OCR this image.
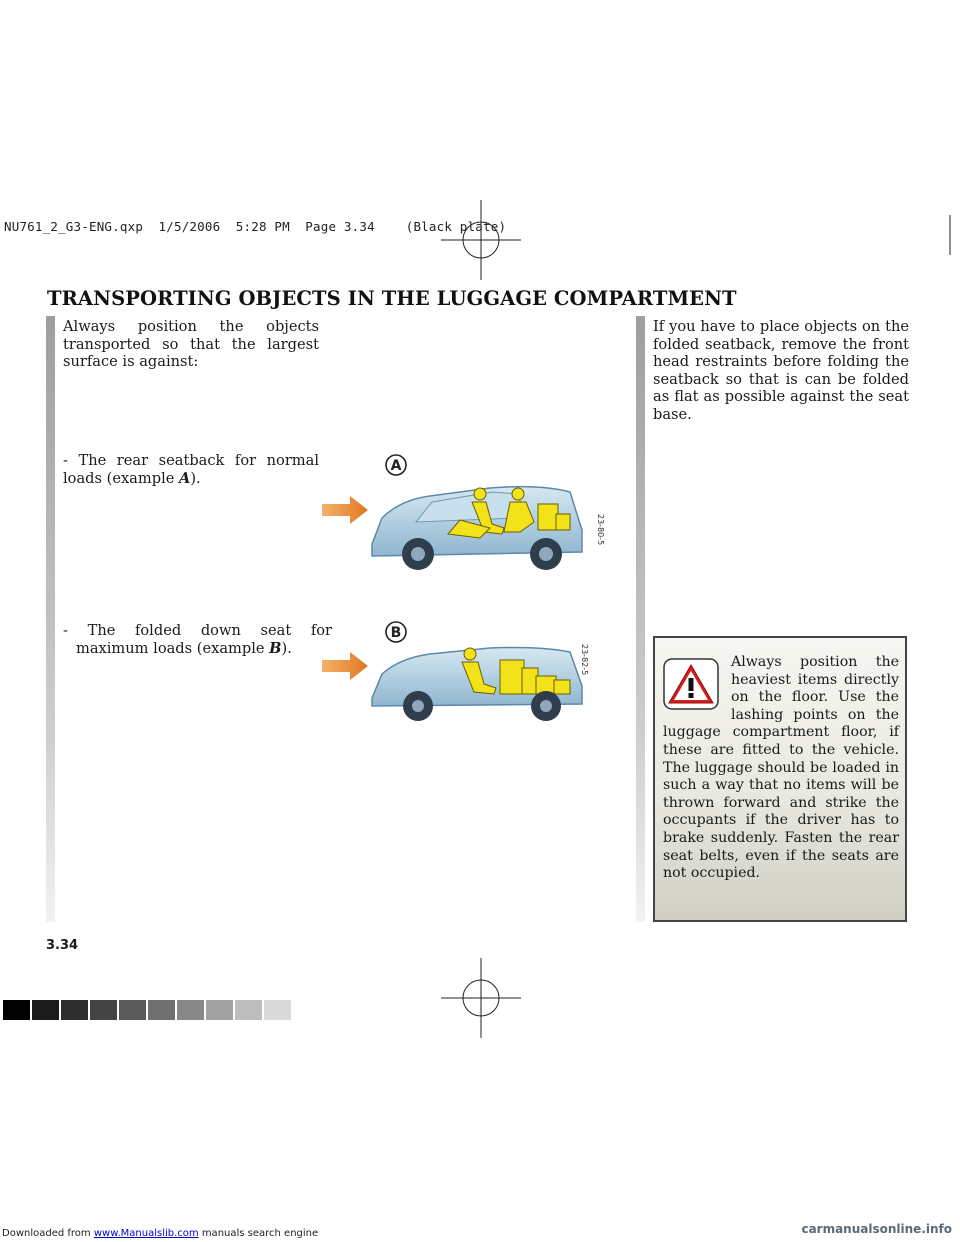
NU761_2_G3-ENG.qxp  1/5/2006  5:28 PM  Page 3.34    (Black plate)
TRANSPORTING OBJECTS IN THE LUGGAGE COMPARTMENT
Always position the objects transported so that the largest surface is against:
- The rear seatback for normal loads (example A).
- The folded down seat for maximum loads (example B).
A
23-80-5
B
23-82-5
If you have to place objects on the folded seatback, remove the front head restraints before folding the seatback so that is can be folded as flat as possible against the seat base.
Always position the heaviest items directly on the floor. Use the lashing points on the luggage compartment floor, if these are fitted to the vehicle. The luggage should be loaded in such a way that no items will be thrown forward and strike the occupants if the driver has to brake suddenly. Fasten the rear seat belts, even if the seats are not occupied.
3.34
Downloaded from www.Manualslib.com manuals search engine	carmanualsonline.info
